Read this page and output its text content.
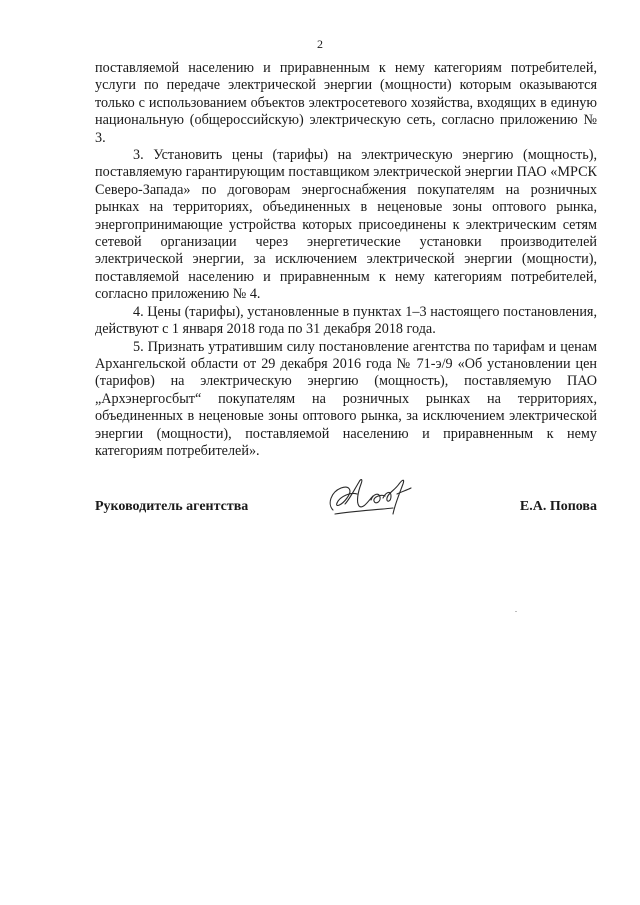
2

поставляемой населению и приравненным к нему категориям потребителей, услуги по передаче электрической энергии (мощности) которым оказываются только с использованием объектов электросетевого хозяйства, входящих в единую национальную (общероссийскую) электрическую сеть, согласно приложению № 3.

3. Установить цены (тарифы) на электрическую энергию (мощность), поставляемую гарантирующим поставщиком электрической энергии ПАО «МРСК Северо-Запада» по договорам энергоснабжения покупателям на розничных рынках на территориях, объединенных в неценовые зоны оптового рынка, энергопринимающие устройства которых присоединены к электрическим сетям сетевой организации через энергетические установки производителей электрической энергии, за исключением электрической энергии (мощности), поставляемой населению и приравненным к нему категориям потребителей, согласно приложению № 4.

4. Цены (тарифы), установленные в пунктах 1–3 настоящего постановления, действуют с 1 января 2018 года по 31 декабря 2018 года.

5. Признать утратившим силу постановление агентства по тарифам и ценам Архангельской области от 29 декабря 2016 года № 71-э/9 «Об установлении цен (тарифов) на электрическую энергию (мощность), поставляемую ПАО „Архэнергосбыт“ покупателям на розничных рынках на территориях, объединенных в неценовые зоны оптового рынка, за исключением электрической энергии (мощности), поставляемой населению и приравненным к нему категориям потребителей».

Руководитель агентства	Е.А. Попова
